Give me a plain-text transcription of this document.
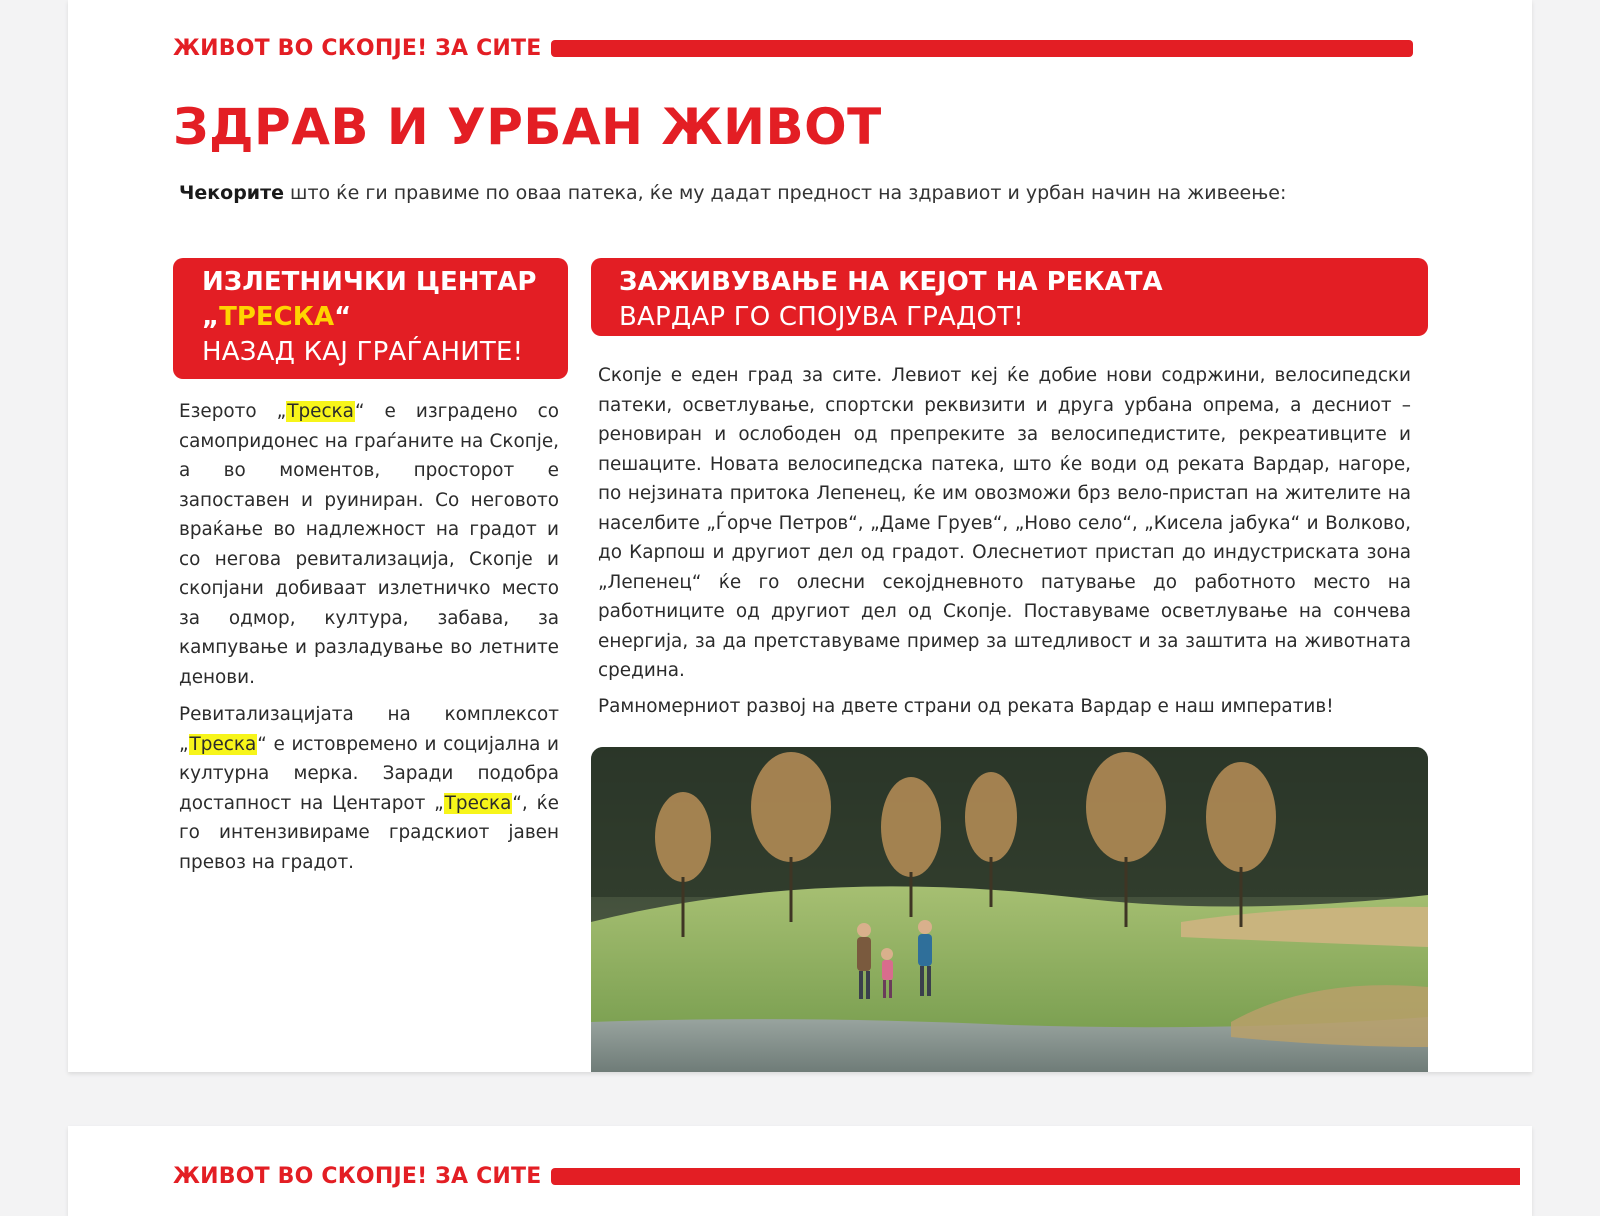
ЖИВОТ ВО СКОПЈЕ! ЗА СИТЕ
ЗДРАВ И УРБАН ЖИВОТ

Чекорите што ќе ги правиме по оваа патека, ќе му дадат предност на здравиот и урбан начин на живеење:

ИЗЛЕТНИЧКИ ЦЕНТАР
„ТРЕСКА“
НАЗАД КАЈ ГРАЃАНИТЕ!
ЗАЖИВУВАЊЕ НА КЕЈОТ НА РЕКАТА
ВАРДАР ГО СПОЈУВА ГРАДОТ!

Езерото „Треска“ е изградено со самопридонес на граѓаните на Скопје, а во моментов, просторот е запоставен и руиниран. Со неговото враќање во надлежност на градот и со негова ревитализација, Скопје и скопјани добиваат излетничко место за одмор, култура, забава, за кампување и разладување во летните денови.

Ревитализацијата на комплексот „Треска“ е истовремено и социјална и културна мерка. Заради подобра достапност на Центарот „Треска“, ќе го интензивираме градскиот јавен превоз на градот.

Скопје е еден град за сите. Левиот кеј ќе добие нови содржини, велосипедски патеки, осветлување, спортски реквизити и друга урбана опрема, а десниот – реновиран и ослободен од препреките за велосипедистите, рекреативците и пешаците. Новата велосипедска патека, што ќе води од реката Вардар, нагоре, по нејзината притока Лепенец, ќе им овозможи брз вело-пристап на жителите на населбите „Ѓорче Петров“, „Даме Груев“, „Ново село“, „Кисела јабука“ и Волково, до Карпош и другиот дел од градот. Олеснетиот пристап до индустриската зона „Лепенец“ ќе го олесни секојдневното патување до работното место на работниците од другиот дел од Скопје. Поставуваме осветлување на сончева енергија, за да претставуваме пример за штедливост и за заштита на животната средина.

Рамномерниот развој на двете страни од реката Вардар е наш императив!

ЖИВОТ ВО СКОПЈЕ! ЗА СИТЕ
